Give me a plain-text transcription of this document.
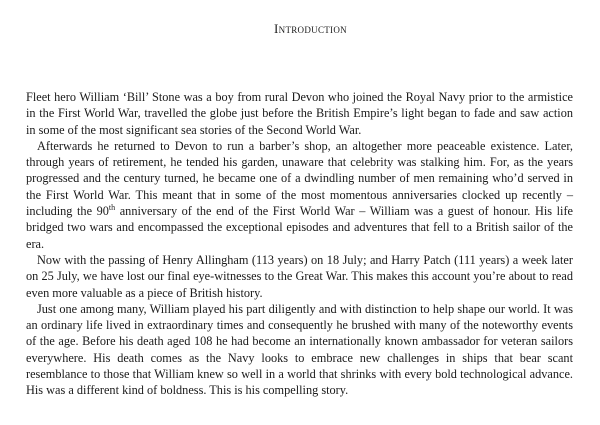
Introduction

Fleet hero William ‘Bill’ Stone was a boy from rural Devon who joined the Royal Navy prior to the armistice in the First World War, travelled the globe just before the British Empire’s light began to fade and saw action in some of the most significant sea stories of the Second World War.

Afterwards he returned to Devon to run a barber’s shop, an altogether more peaceable existence. Later, through years of retirement, he tended his garden, unaware that celebrity was stalking him. For, as the years progressed and the century turned, he became one of a dwindling number of men remaining who’d served in the First World War. This meant that in some of the most momentous anniversaries clocked up recently – including the 90th anniversary of the end of the First World War – William was a guest of honour. His life bridged two wars and encompassed the exceptional episodes and adventures that fell to a British sailor of the era.

Now with the passing of Henry Allingham (113 years) on 18 July; and Harry Patch (111 years) a week later on 25 July, we have lost our final eye-witnesses to the Great War. This makes this account you’re about to read even more valuable as a piece of British history.

Just one among many, William played his part diligently and with distinction to help shape our world. It was an ordinary life lived in extraordinary times and consequently he brushed with many of the noteworthy events of the age. Before his death aged 108 he had become an internationally known ambassador for veteran sailors everywhere. His death comes as the Navy looks to embrace new challenges in ships that bear scant resemblance to those that William knew so well in a world that shrinks with every bold technological advance. His was a different kind of boldness. This is his compelling story.
